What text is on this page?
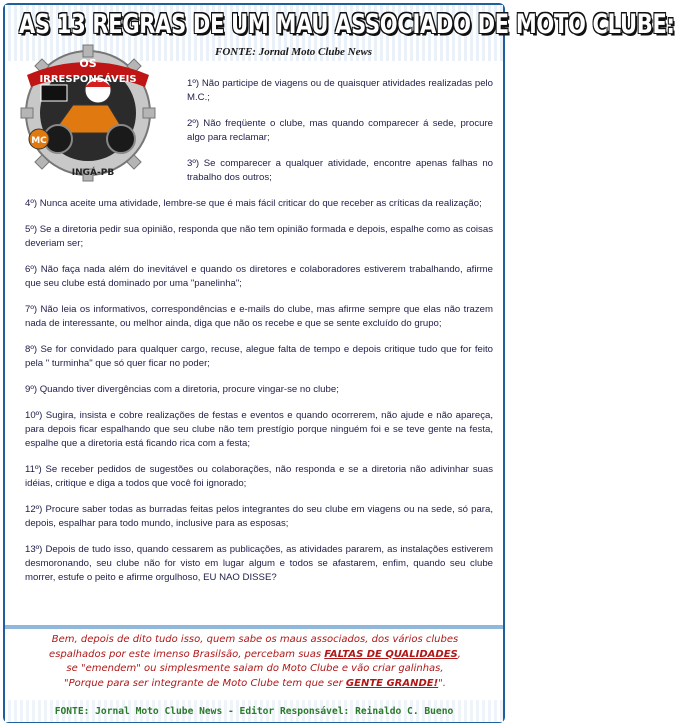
AS 13 REGRAS DE UM MAU ASSOCIADO DE MOTO CLUBE:
FONTE: Jornal Moto Clube News
OS
IRRESPONSÁVEIS
MC
INGÁ-PB
1º) Não participe de viagens ou de quaisquer atividades realizadas pelo M.C.;
2º) Não freqüente o clube, mas quando comparecer á sede, procure algo para reclamar;
3º) Se comparecer a qualquer atividade, encontre apenas falhas no trabalho dos outros;
4º) Nunca aceite uma atividade, lembre-se que é mais fácil criticar do que receber as críticas da realização;
5º) Se a diretoria pedir sua opinião, responda que não tem opinião formada e depois, espalhe como as coisas deveriam ser;
6º) Não faça nada além do inevitável e quando os diretores e colaboradores estiverem trabalhando, afirme que seu clube está dominado por uma "panelinha";
7º) Não leia os informativos, correspondências e e-mails do clube, mas afirme sempre que elas não trazem nada de interessante, ou melhor ainda, diga que não os recebe e que se sente excluído do grupo;
8º) Se for convidado para qualquer cargo, recuse, alegue falta de tempo e depois critique tudo que for feito pela " turminha" que só quer ficar no poder;
9º) Quando tiver divergências com a diretoria, procure vingar-se no clube;
10º) Sugira, insista e cobre realizações de festas e eventos e quando ocorrerem, não ajude e não apareça, para depois ficar espalhando que seu clube não tem prestígio porque ninguém foi e se teve gente na festa, espalhe que a diretoria está ficando rica com a festa;
11º) Se receber pedidos de sugestões ou colaborações, não responda e se a diretoria não adivinhar suas idéias, critique e diga a todos que você foi ignorado;
12º) Procure saber todas as burradas feitas pelos integrantes do seu clube em viagens ou na sede, só para, depois, espalhar para todo mundo, inclusive para as esposas;
13º) Depois de tudo isso, quando cessarem as publicações, as atividades pararem, as instalações estiverem desmoronando, seu clube não for visto em lugar algum e todos se afastarem, enfim, quando seu clube morrer, estufe o peito e afirme orgulhoso, EU NAO DISSE?
Bem, depois de dito tudo isso, quem sabe os maus associados, dos vários clubes
espalhados por este imenso Brasilsão, percebam suas FALTAS DE QUALIDADES,
se "emendem" ou simplesmente saiam do Moto Clube e vão criar galinhas,
"Porque para ser integrante de Moto Clube tem que ser GENTE GRANDE!".
FONTE: Jornal Moto Clube News - Editor Responsável: Reinaldo C. Bueno
